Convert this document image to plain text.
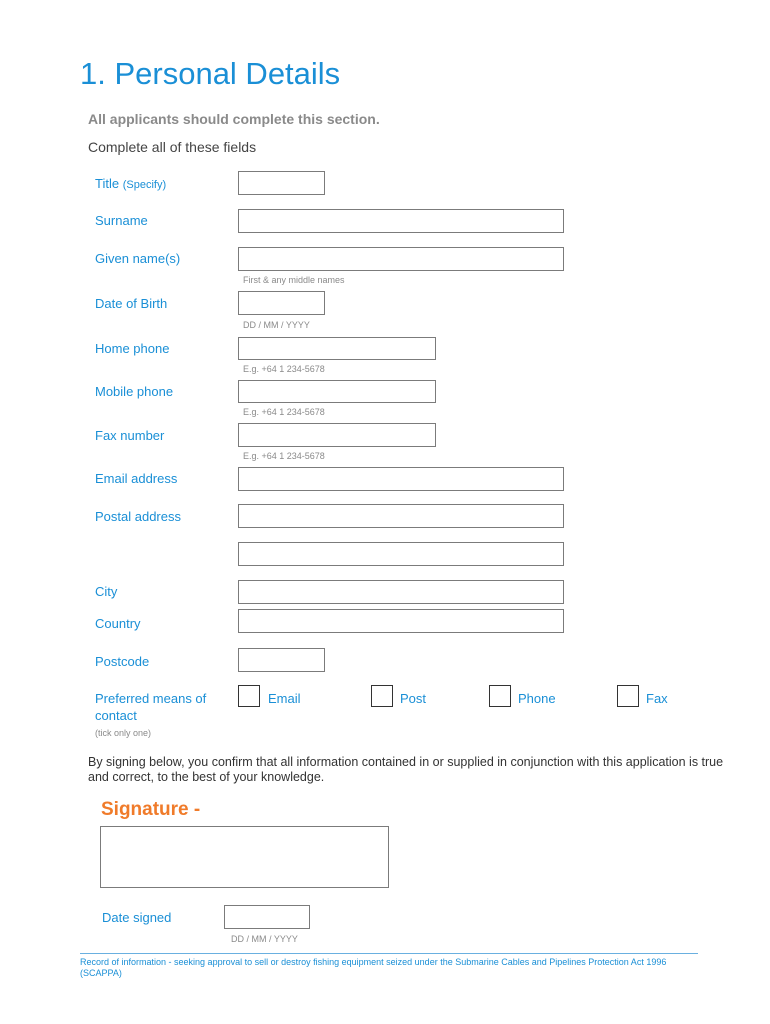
1. Personal Details
All applicants should complete this section.
Complete all of these fields
Title (Specify)
Surname
Given name(s)
First & any middle names
Date of Birth
DD / MM / YYYY
Home phone
E.g. +64 1 234-5678
Mobile phone
E.g. +64 1 234-5678
Fax number
E.g. +64 1 234-5678
Email address
Postal address
City
Country
Postcode
Preferred means of
contact
(tick only one)
Email	Post	Phone	Fax
By signing below, you confirm that all information contained in or supplied in conjunction with this application is true and correct, to the best of your knowledge.
Signature -
Date signed
DD / MM / YYYY
Record of information - seeking approval to sell or destroy fishing equipment seized under the Submarine Cables and Pipelines Protection Act 1996 (SCAPPA)
